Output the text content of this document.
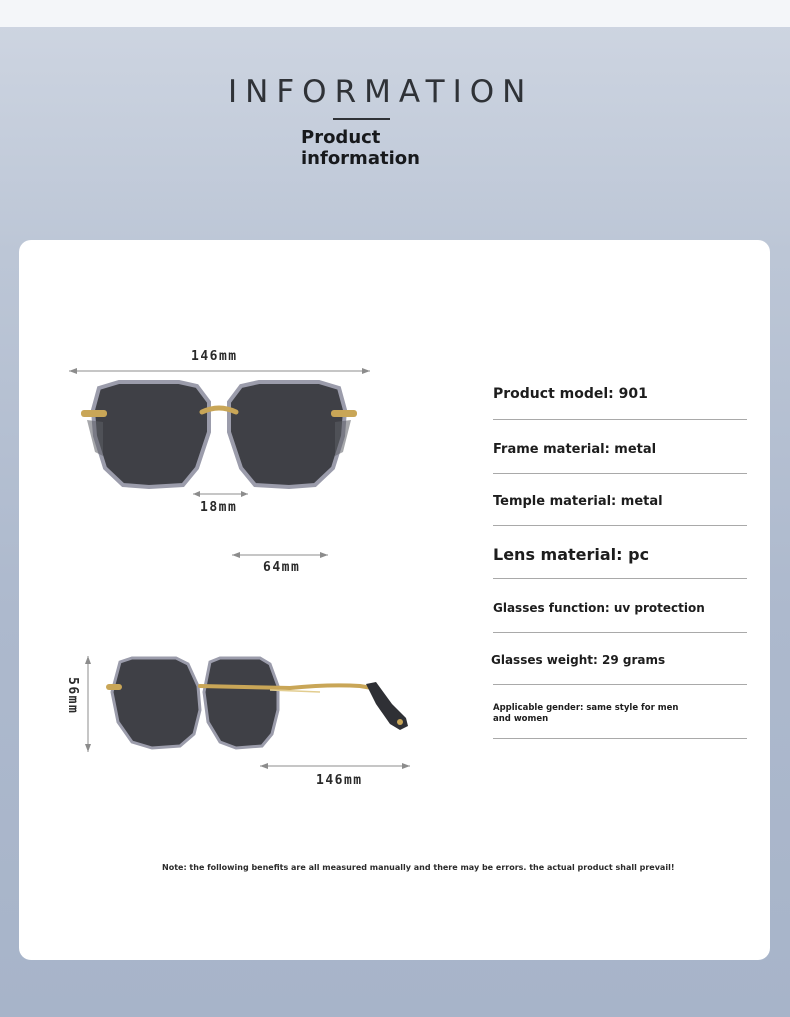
INFORMATION
Product information
146mm
18mm
64mm
56mm
146mm
Product model: 901
Frame material: metal
Temple material: metal
Lens material: pc
Glasses function: uv protection
Glasses weight: 29 grams
Applicable gender: same style for men and women
Note: the following benefits are all measured manually and there may be errors. the actual product shall prevail!
